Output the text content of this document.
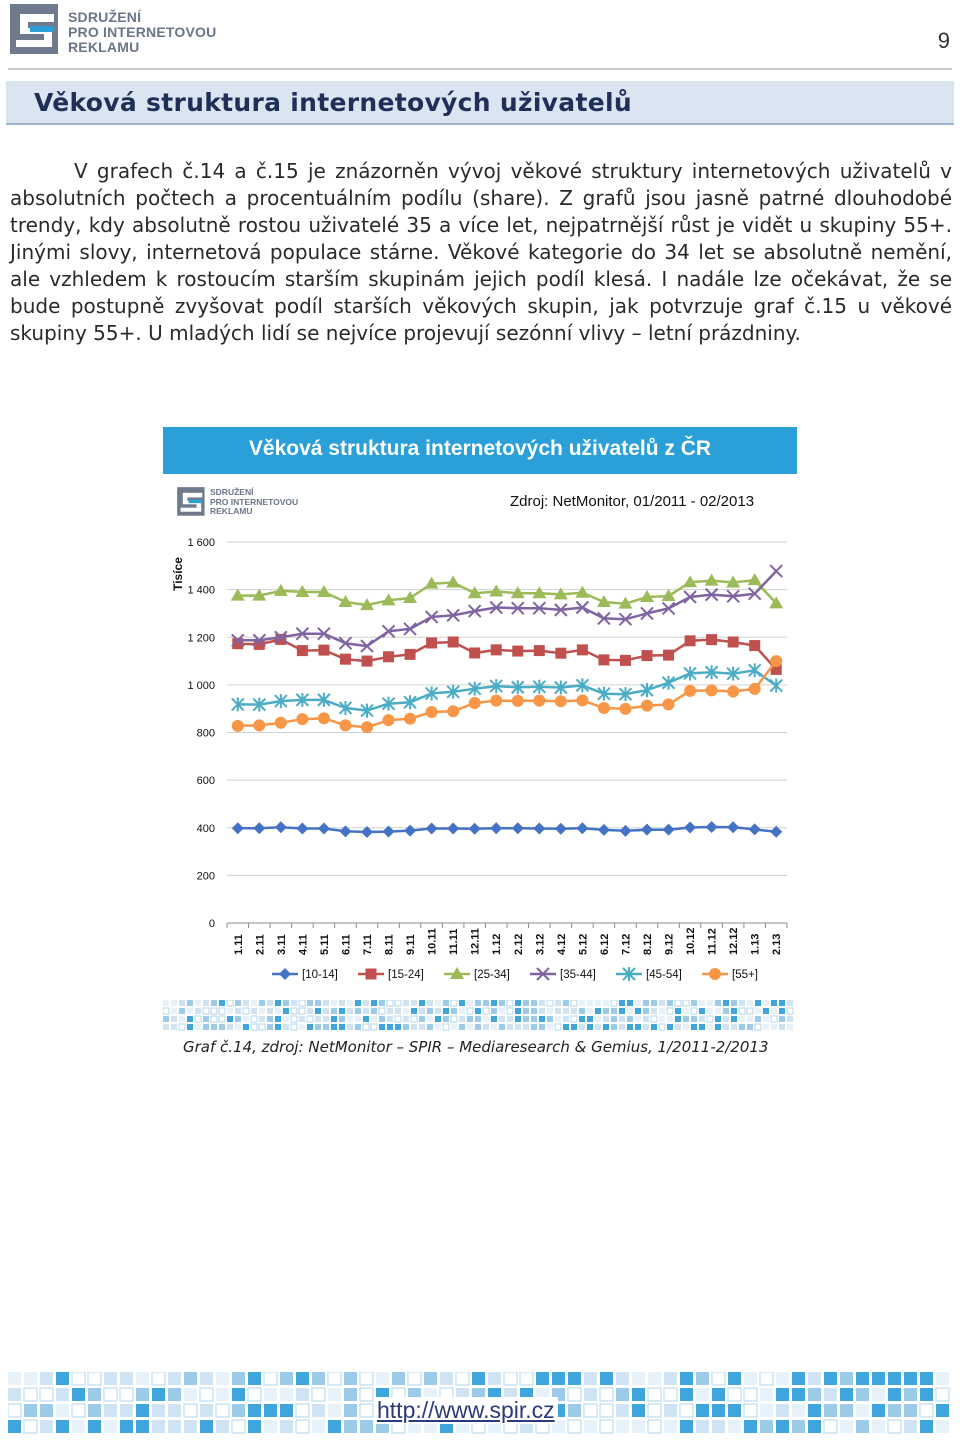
SDRUŽENÍ
PRO INTERNETOVOU
REKLAMU	9
Věková struktura internetových uživatelů

V grafech č.14 a č.15 je znázorněn vývoj věkové struktury internetových uživatelů v absolutních počtech a procentuálním podílu (share). Z grafů jsou jasně patrné dlouhodobé trendy, kdy absolutně rostou uživatelé 35 a více let, nejpatrnější růst je vidět u skupiny 55+. Jinými slovy, internetová populace stárne. Věkové kategorie do 34 let se absolutně nemění, ale vzhledem k rostoucím starším skupinám jejich podíl klesá. I nadále lze očekávat, že se bude postupně zvyšovat podíl starších věkových skupin, jak potvrzuje graf č.15 u věkové skupiny 55+. U mladých lidí se nejvíce projevují sezónní vlivy – letní prázdniny.

Věková struktura internetových uživatelů z ČR
SDRUŽENÍ
PRO INTERNETOVOU
REKLAMU
Zdroj: NetMonitor, 01/2011 - 02/2013
0
200
400
600
800
1 000
1 200
1 400
1 600
Tisíce
1.11 2.11 3.11 4.11 5.11 6.11 7.11 8.11 9.11 10.11 11.11 12.11 1.12 2.12 3.12 4.12 5.12 6.12 7.12 8.12 9.12 10.12 11.12 12.12 1.13 2.13
[10-14]	[15-24]	[25-34]	[35-44]	[45-54]	[55+]
Graf č.14, zdroj: NetMonitor – SPIR – Mediaresearch & Gemius, 1/2011-2/2013
http://www.spir.cz
